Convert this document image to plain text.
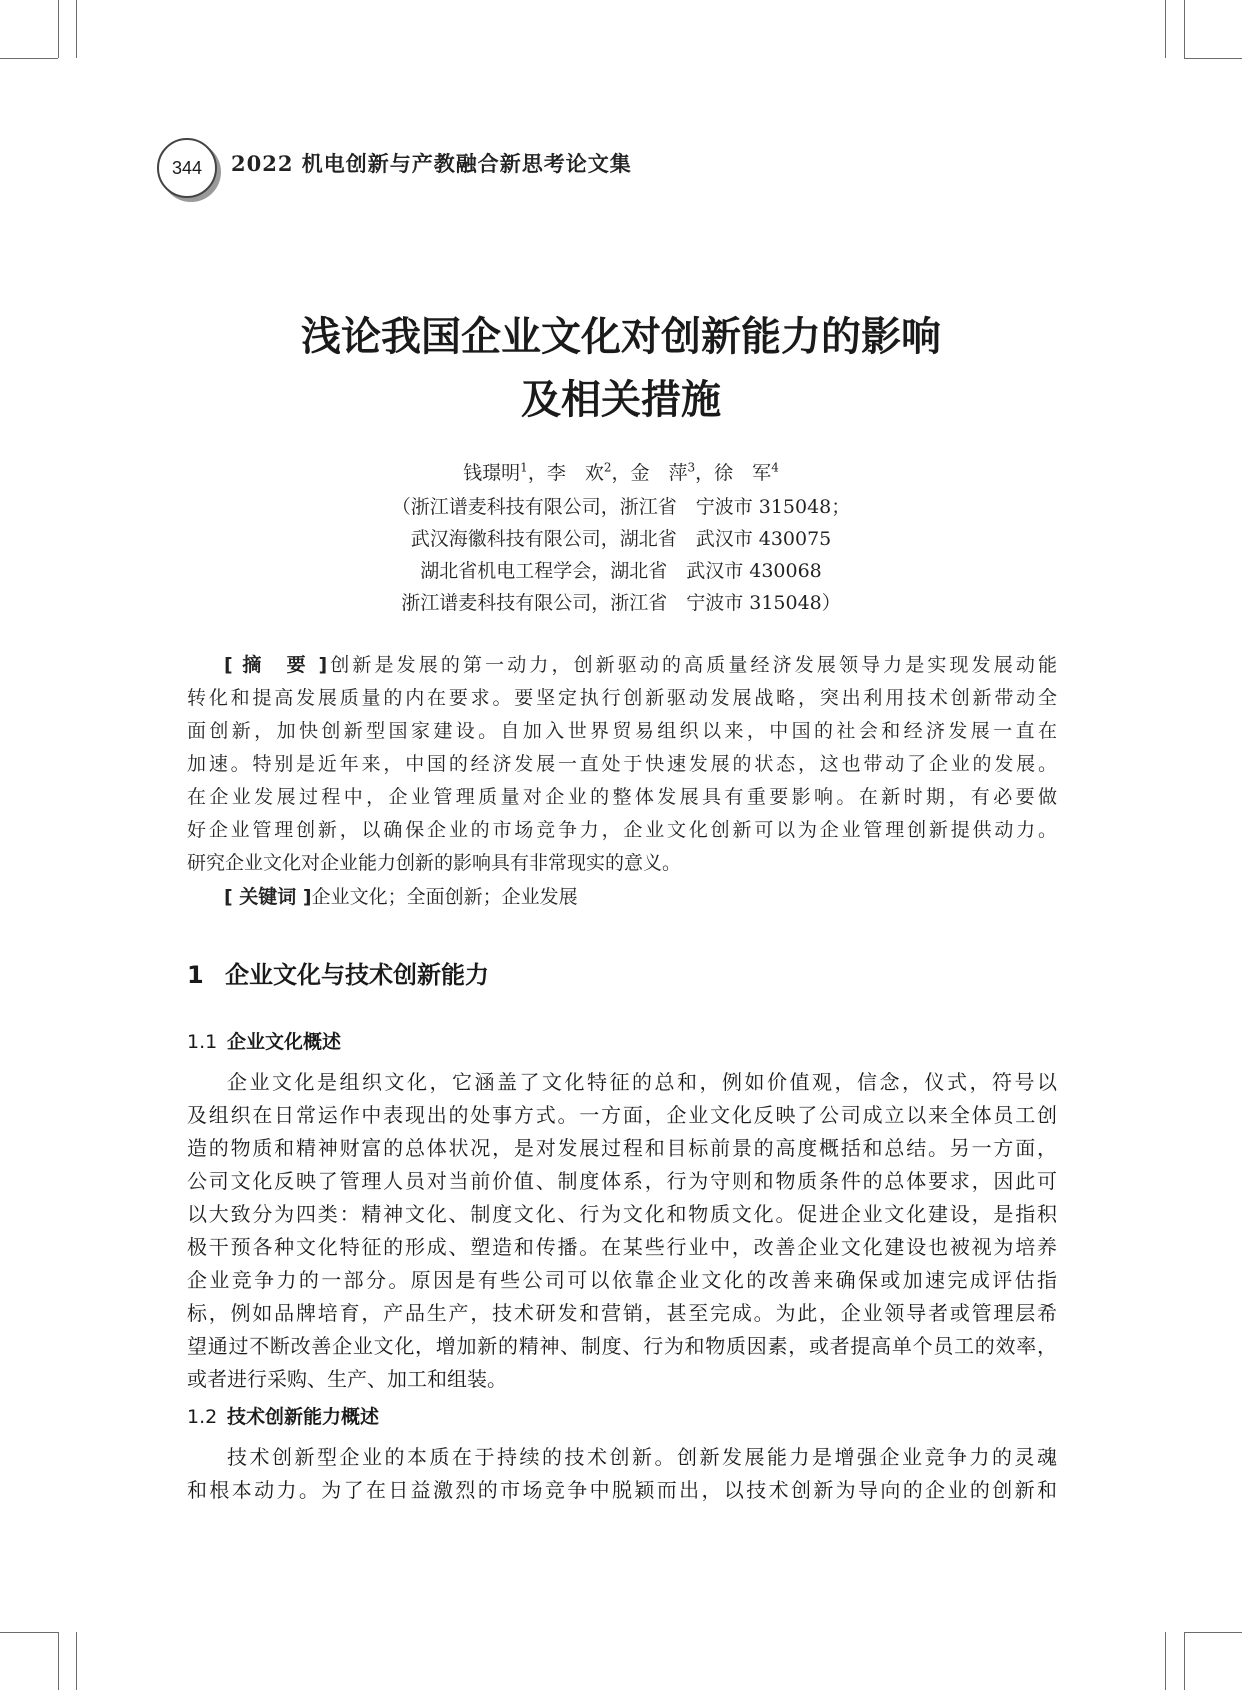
344 2022 机电创新与产教融合新思考论文集
浅论我国企业文化对创新能力的影响
及相关措施
钱璟明$^1$，李　欢$^2$，金　萍$^3$，徐　军$^4$
（浙江谱麦科技有限公司，浙江省　宁波市 315048；
武汉海徽科技有限公司，湖北省　武汉市 430075
湖北省机电工程学会，湖北省　武汉市 430068
浙江谱麦科技有限公司，浙江省　宁波市 315048）
[ 摘　要 ]创新是发展的第一动力，创新驱动的高质量经济发展领导力是实现发展动能
转化和提高发展质量的内在要求。要坚定执行创新驱动发展战略，突出利用技术创新带动全
面创新，加快创新型国家建设。自加入世界贸易组织以来，中国的社会和经济发展一直在
加速。特别是近年来，中国的经济发展一直处于快速发展的状态，这也带动了企业的发展。
在企业发展过程中，企业管理质量对企业的整体发展具有重要影响。在新时期，有必要做
好企业管理创新，以确保企业的市场竞争力，企业文化创新可以为企业管理创新提供动力。
研究企业文化对企业能力创新的影响具有非常现实的意义。
[ 关键词 ]企业文化；全面创新；企业发展
1 企业文化与技术创新能力
1.1 企业文化概述
企业文化是组织文化，它涵盖了文化特征的总和，例如价值观，信念，仪式，符号以
及组织在日常运作中表现出的处事方式。一方面，企业文化反映了公司成立以来全体员工创
造的物质和精神财富的总体状况，是对发展过程和目标前景的高度概括和总结。另一方面，
公司文化反映了管理人员对当前价值、制度体系，行为守则和物质条件的总体要求，因此可
以大致分为四类：精神文化、制度文化、行为文化和物质文化。促进企业文化建设，是指积
极干预各种文化特征的形成、塑造和传播。在某些行业中，改善企业文化建设也被视为培养
企业竞争力的一部分。原因是有些公司可以依靠企业文化的改善来确保或加速完成评估指
标，例如品牌培育，产品生产，技术研发和营销，甚至完成。为此，企业领导者或管理层希
望通过不断改善企业文化，增加新的精神、制度、行为和物质因素，或者提高单个员工的效率，
或者进行采购、生产、加工和组装。
1.2 技术创新能力概述
技术创新型企业的本质在于持续的技术创新。创新发展能力是增强企业竞争力的灵魂
和根本动力。为了在日益激烈的市场竞争中脱颖而出，以技术创新为导向的企业的创新和
